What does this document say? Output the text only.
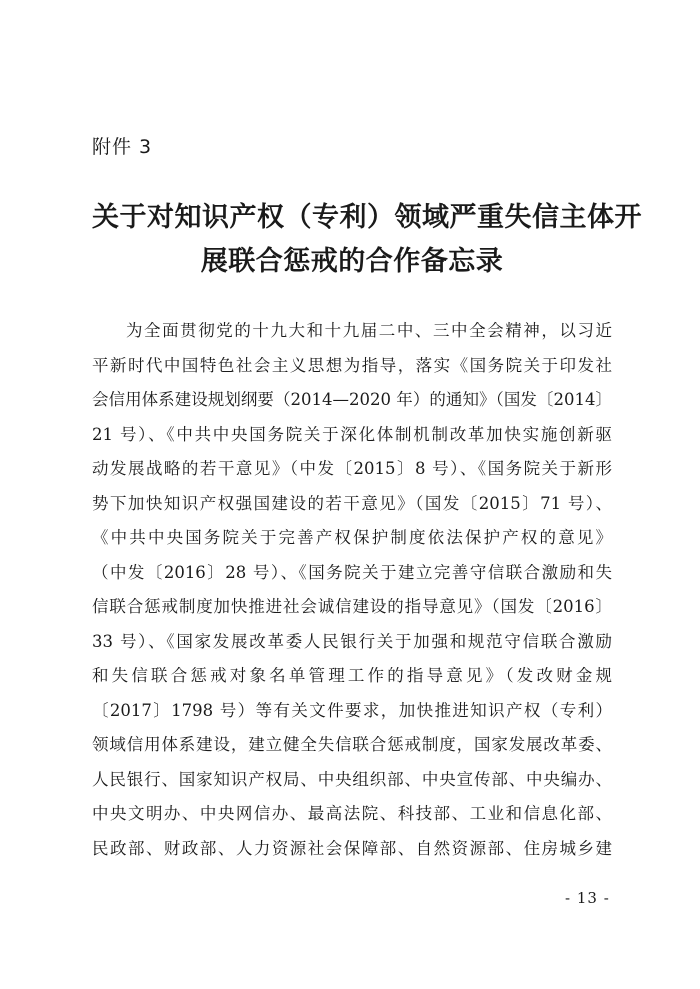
附件 3
关于对知识产权（专利）领域严重失信主体开
展联合惩戒的合作备忘录
为全面贯彻党的十九大和十九届二中、三中全会精神，以习近
平新时代中国特色社会主义思想为指导，落实《国务院关于印发社
会信用体系建设规划纲要（2014—2020 年）的通知》（国发〔2014〕
21 号）、《中共中央国务院关于深化体制机制改革加快实施创新驱
动发展战略的若干意见》（中发〔2015〕8 号）、《国务院关于新形
势下加快知识产权强国建设的若干意见》（国发〔2015〕71 号）、
《中共中央国务院关于完善产权保护制度依法保护产权的意见》
（中发〔2016〕28 号）、《国务院关于建立完善守信联合激励和失
信联合惩戒制度加快推进社会诚信建设的指导意见》（国发〔2016〕
33 号）、《国家发展改革委人民银行关于加强和规范守信联合激励
和失信联合惩戒对象名单管理工作的指导意见》（发改财金规
〔2017〕1798 号）等有关文件要求，加快推进知识产权（专利）
领域信用体系建设，建立健全失信联合惩戒制度，国家发展改革委、
人民银行、国家知识产权局、中央组织部、中央宣传部、中央编办、
中央文明办、中央网信办、最高法院、科技部、工业和信息化部、
民政部、财政部、人力资源社会保障部、自然资源部、住房城乡建
- 13 -
